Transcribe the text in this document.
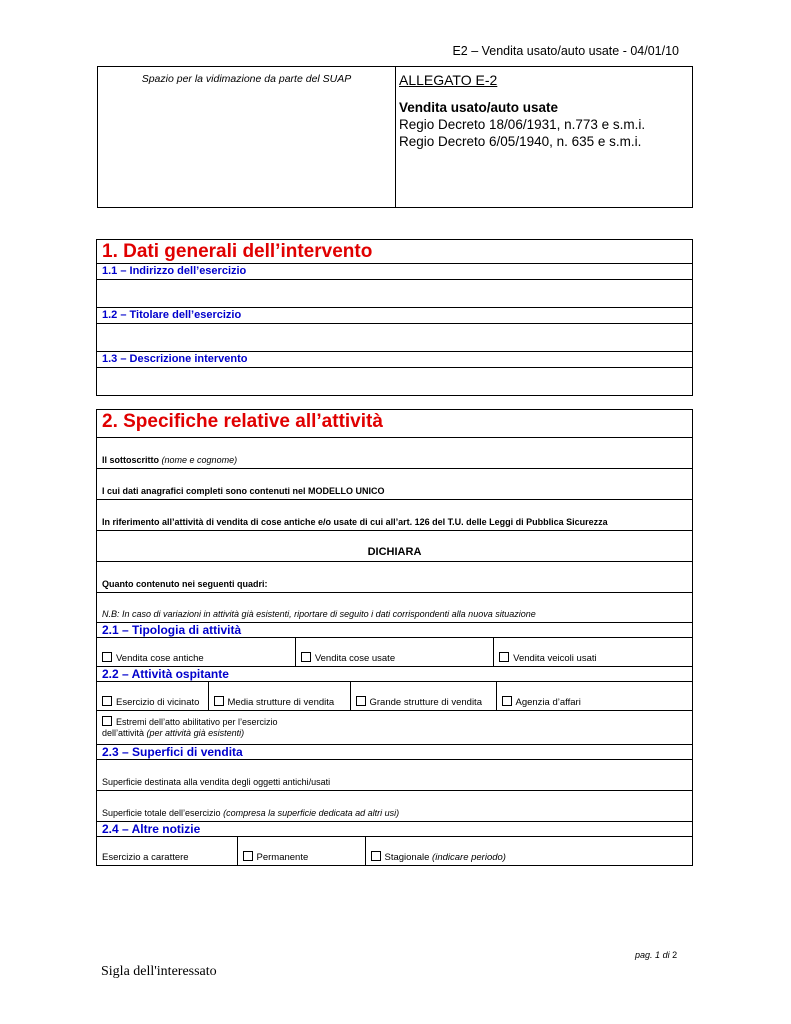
E2 – Vendita usato/auto usate - 04/01/10
Spazio per la vidimazione da parte del SUAP	ALLEGATO E-2
Vendita usato/auto usate
Regio Decreto 18/06/1931, n.773 e s.m.i.
Regio Decreto 6/05/1940, n. 635 e s.m.i.
1. Dati generali dell’intervento
1.1 – Indirizzo dell’esercizio

1.2 – Titolare dell’esercizio

1.3 – Descrizione intervento

2. Specifiche relative all’attività
Il sottoscritto (nome e cognome)
I cui dati anagrafici completi sono contenuti nel MODELLO UNICO
In riferimento all’attività di vendita di cose antiche e/o usate di cui all’art. 126 del T.U. delle Leggi di Pubblica Sicurezza
DICHIARA
Quanto contenuto nei seguenti quadri:
N.B: In caso di variazioni in attività già esistenti, riportare di seguito i dati corrispondenti alla nuova situazione
2.1 – Tipologia di attività

Vendita cose antiche	Vendita cose usate	Vendita veicoli usati

2.2 – Attività ospitante

Esercizio di vicinato	Media strutture di vendita	Grande strutture di vendita	Agenzia d’affari

Estremi dell’atto abilitativo per l’esercizio
dell’attività (per attività già esistenti)

2.3 – Superfici di vendita
Superficie destinata alla vendita degli oggetti antichi/usati
Superficie totale dell’esercizio (compresa la superficie dedicata ad altri usi)
2.4 – Altre notizie

Esercizio a carattere	Permanente	Stagionale (indicare periodo)
pag. 1 di 2
Sigla dell'interessato
